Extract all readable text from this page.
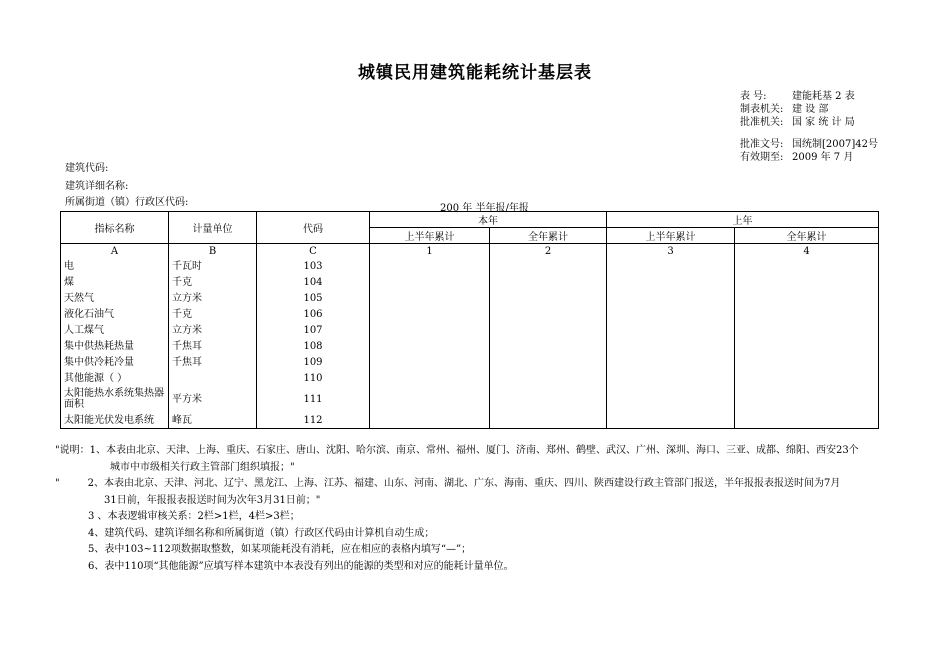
城镇民用建筑能耗统计基层表
表 号:	建能耗基 2 表
制表机关: 建 设 部
批准机关: 国 家 统 计 局
批准文号: 国统制[2007]42号
有效期至: 2009 年 7 月
建筑代码:
建筑详细名称:
所属街道（镇）行政区代码:
200 年 半年报/年报
指标名称	计量单位	代码	本年		上年	
			上半年累计	全年累计	上半年累计	全年累计
A	B	C	1	2	3	4
电	千瓦时	103				
煤	千克	104				
天然气	立方米	105				
液化石油气	千克	106				
人工煤气	立方米	107				
集中供热耗热量	千焦耳	108				
集中供冷耗冷量	千焦耳	109				
其他能源（ ）		110				
太阳能热水系统集热器面积	平方米	111				
太阳能光伏发电系统	峰瓦	112				
"说明：1、本表由北京、天津、上海、重庆、石家庄、唐山、沈阳、哈尔滨、南京、常州、福州、厦门、济南、郑州、鹤壁、武汉、广州、深圳、海口、三亚、成都、绵阳、西安23个
城市中市级相关行政主管部门组织填报；"
"	2、本表由北京、天津、河北、辽宁、黑龙江、上海、江苏、福建、山东、河南、湖北、广东、海南、重庆、四川、陕西建设行政主管部门报送，半年报报表报送时间为7月
31日前，年报报表报送时间为次年3月31日前；"
3 、本表逻辑审核关系：2栏>1栏，4栏>3栏；
4、建筑代码、建筑详细名称和所属街道（镇）行政区代码由计算机自动生成；
5、表中103~112项数据取整数，如某项能耗没有消耗，应在相应的表格内填写“—”；
6、表中110项“其他能源”应填写样本建筑中本表没有列出的能源的类型和对应的能耗计量单位。
